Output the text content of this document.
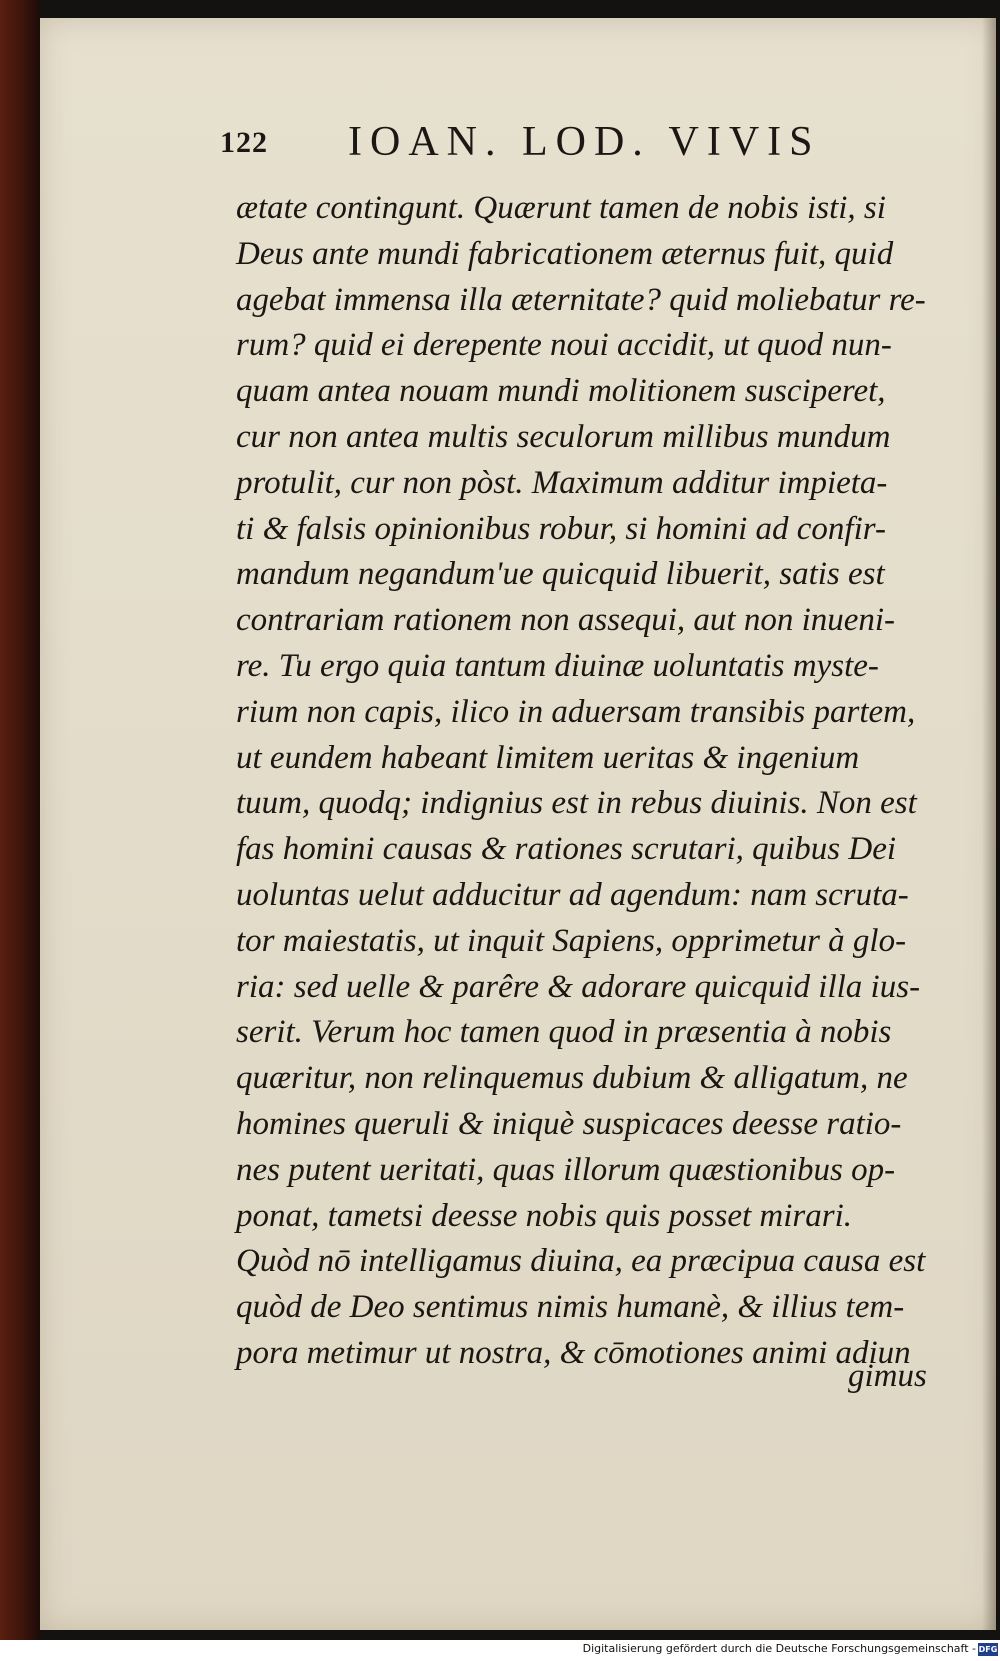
122 IOAN. LOD. VIVIS
ætate contingunt. Quærunt tamen de nobis isti, si
Deus ante mundi fabricationem æternus fuit, quid
agebat immensa illa æternitate? quid moliebatur re-
rum? quid ei derepente noui accidit, ut quod nun-
quam antea nouam mundi molitionem susciperet,
cur non antea multis seculorum millibus mundum
protulit, cur non pòst. Maximum additur impieta-
ti & falsis opinionibus robur, si homini ad confir-
mandum negandum'ue quicquid libuerit, satis est
contrariam rationem non assequi, aut non inueni-
re. Tu ergo quia tantum diuinæ uoluntatis myste-
rium non capis, ilico in aduersam transibis partem,
ut eundem habeant limitem ueritas & ingenium
tuum, quodq; indignius est in rebus diuinis. Non est
fas homini causas & rationes scrutari, quibus Dei
uoluntas uelut adducitur ad agendum: nam scruta-
tor maiestatis, ut inquit Sapiens, opprimetur à glo-
ria: sed uelle & parêre & adorare quicquid illa ius-
serit. Verum hoc tamen quod in præsentia à nobis
quæritur, non relinquemus dubium & alligatum, ne
homines queruli & iniquè suspicaces deesse ratio-
nes putent ueritati, quas illorum quæstionibus op-
ponat, tametsi deesse nobis quis posset mirari.
Quòd nō intelligamus diuina, ea præcipua causa est
quòd de Deo sentimus nimis humanè, & illius tem-
pora metimur ut nostra, & cōmotiones animi adiun
gimus
Digitalisierung gefördert durch die Deutsche Forschungsgemeinschaft - DFG
